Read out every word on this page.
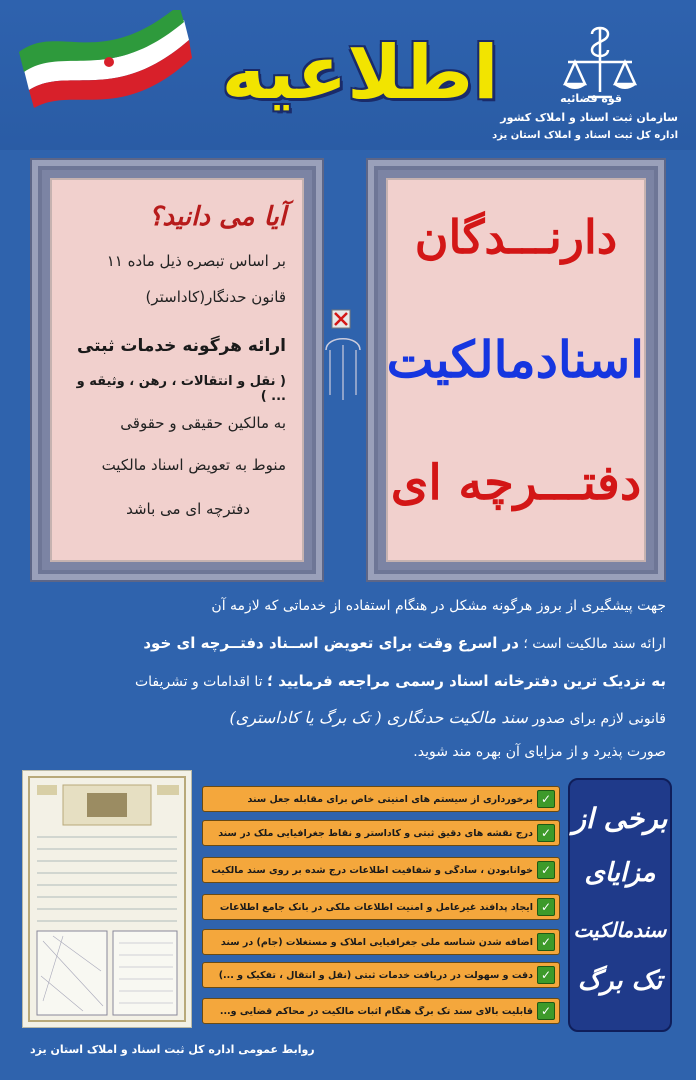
اطلاعیه	قوه قضائیه
سازمان ثبت اسناد و املاک کشور
اداره کل ثبت اسناد و املاک استان یزد
آیا می دانید؟
بر اساس تبصره ذیل ماده ۱۱
قانون حدنگار(کاداستر)
ارائه هرگونه خدمات ثبتی
( نقل و انتقالات ، رهن ، وثیقه و ... )
به مالکین حقیقی و حقوقی
منوط به تعویض اسناد مالکیت
دفترچه ای می باشد
دارنـــدگان
اسنادمالکیت
دفتـــرچه ای
جهت پیشگیری از بروز هرگونه مشکل در هنگام استفاده از خدماتی که لازمه آن
ارائه سند مالکیت است ؛ در اسرع وقت برای تعویض اســناد دفتــرچه ای خود
به نزدیک ترین دفترخانه اسناد رسمی مراجعه فرمایید ؛ تا اقدامات و تشریفات
قانونی لازم برای صدور سند مالکیت حدنگاری ( تک برگ یا کاداستری)
صورت پذیرد و از مزایای آن بهره مند شوید.
✓
برخورداری از سیستم های امنیتی خاص برای مقابله جعل سند
✓
درج نقشه های دقیق ثبتی و کاداستر و نقاط جغرافیایی ملک در سند
✓
خوانابودن ، سادگی و شفافیت اطلاعات درج شده بر روی سند مالکیت
✓
ایجاد پدافند غیرعامل و امنیت اطلاعات ملکی در بانک جامع اطلاعات
✓
اضافه شدن شناسه ملی جغرافیایی املاک و مستغلات (جام) در سند
✓
دقت و سهولت در دریافت خدمات ثبتی (نقل و انتقال ، تفکیک و ...)
✓
قابلیت بالای سند تک برگ هنگام اثبات مالکیت در محاکم قضایی و...
برخی از
مزایای
سندمالکیت
تک برگ
روابط عمومی اداره کل ثبت اسناد و املاک استان یزد
